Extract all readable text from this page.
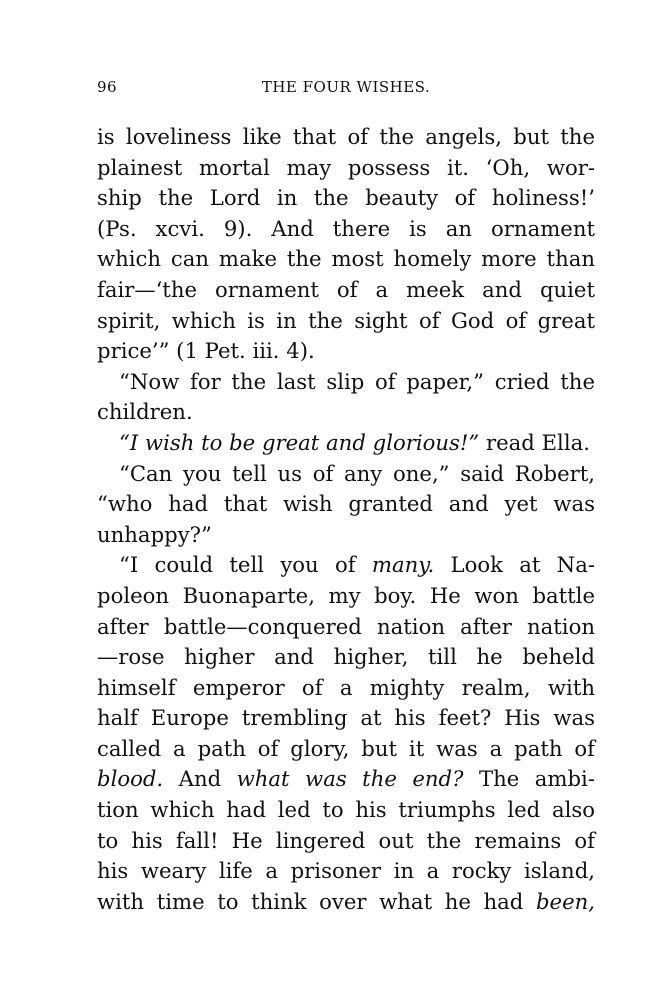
96	THE FOUR WISHES.
is loveliness like that of the angels, but the
plainest mortal may possess it. ‘Oh, wor-
ship the Lord in the beauty of holiness!’
(Ps. xcvi. 9). And there is an ornament
which can make the most homely more than
fair—‘the ornament of a meek and quiet
spirit, which is in the sight of God of great
price’” (1 Pet. iii. 4).
“Now for the last slip of paper,” cried the
children.
“I wish to be great and glorious!” read Ella.
“Can you tell us of any one,” said Robert,
“who had that wish granted and yet was
unhappy?”
“I could tell you of many. Look at Na-
poleon Buonaparte, my boy. He won battle
after battle—conquered nation after nation
—rose higher and higher, till he beheld
himself emperor of a mighty realm, with
half Europe trembling at his feet? His was
called a path of glory, but it was a path of
blood. And what was the end? The ambi-
tion which had led to his triumphs led also
to his fall! He lingered out the remains of
his weary life a prisoner in a rocky island,
with time to think over what he had been,
